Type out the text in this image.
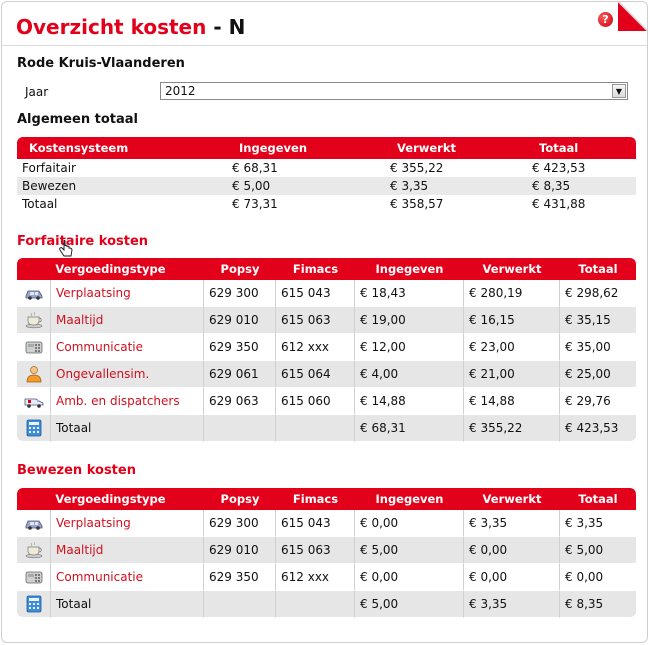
?
Overzicht kosten - N
Rode Kruis-Vlaanderen
Jaar	2012	▼
Algemeen totaal
Kostensysteem	Ingegeven	Verwerkt	Totaal
Forfaitair	€ 68,31	€ 355,22	€ 423,53
Bewezen	€ 5,00	€ 3,35	€ 8,35
Totaal	€ 73,31	€ 358,57	€ 431,88
Forfaitaire kosten
Vergoedingstype		Popsy	Fimacs	Ingegeven	Verwerkt	Totaal
	Verplaatsing	629 300	615 043	€ 18,43	€ 280,19	€ 298,62
	Maaltijd	629 010	615 063	€ 19,00	€ 16,15	€ 35,15
	Communicatie	629 350	612 xxx	€ 12,00	€ 23,00	€ 35,00
	Ongevallensim.	629 061	615 064	€ 4,00	€ 21,00	€ 25,00
	Amb. en dispatchers	629 063	615 060	€ 14,88	€ 14,88	€ 29,76
	Totaal			€ 68,31	€ 355,22	€ 423,53
Bewezen kosten
Vergoedingstype		Popsy	Fimacs	Ingegeven	Verwerkt	Totaal
	Verplaatsing	629 300	615 043	€ 0,00	€ 3,35	€ 3,35
	Maaltijd	629 010	615 063	€ 5,00	€ 0,00	€ 5,00
	Communicatie	629 350	612 xxx	€ 0,00	€ 0,00	€ 0,00
	Totaal			€ 5,00	€ 3,35	€ 8,35
